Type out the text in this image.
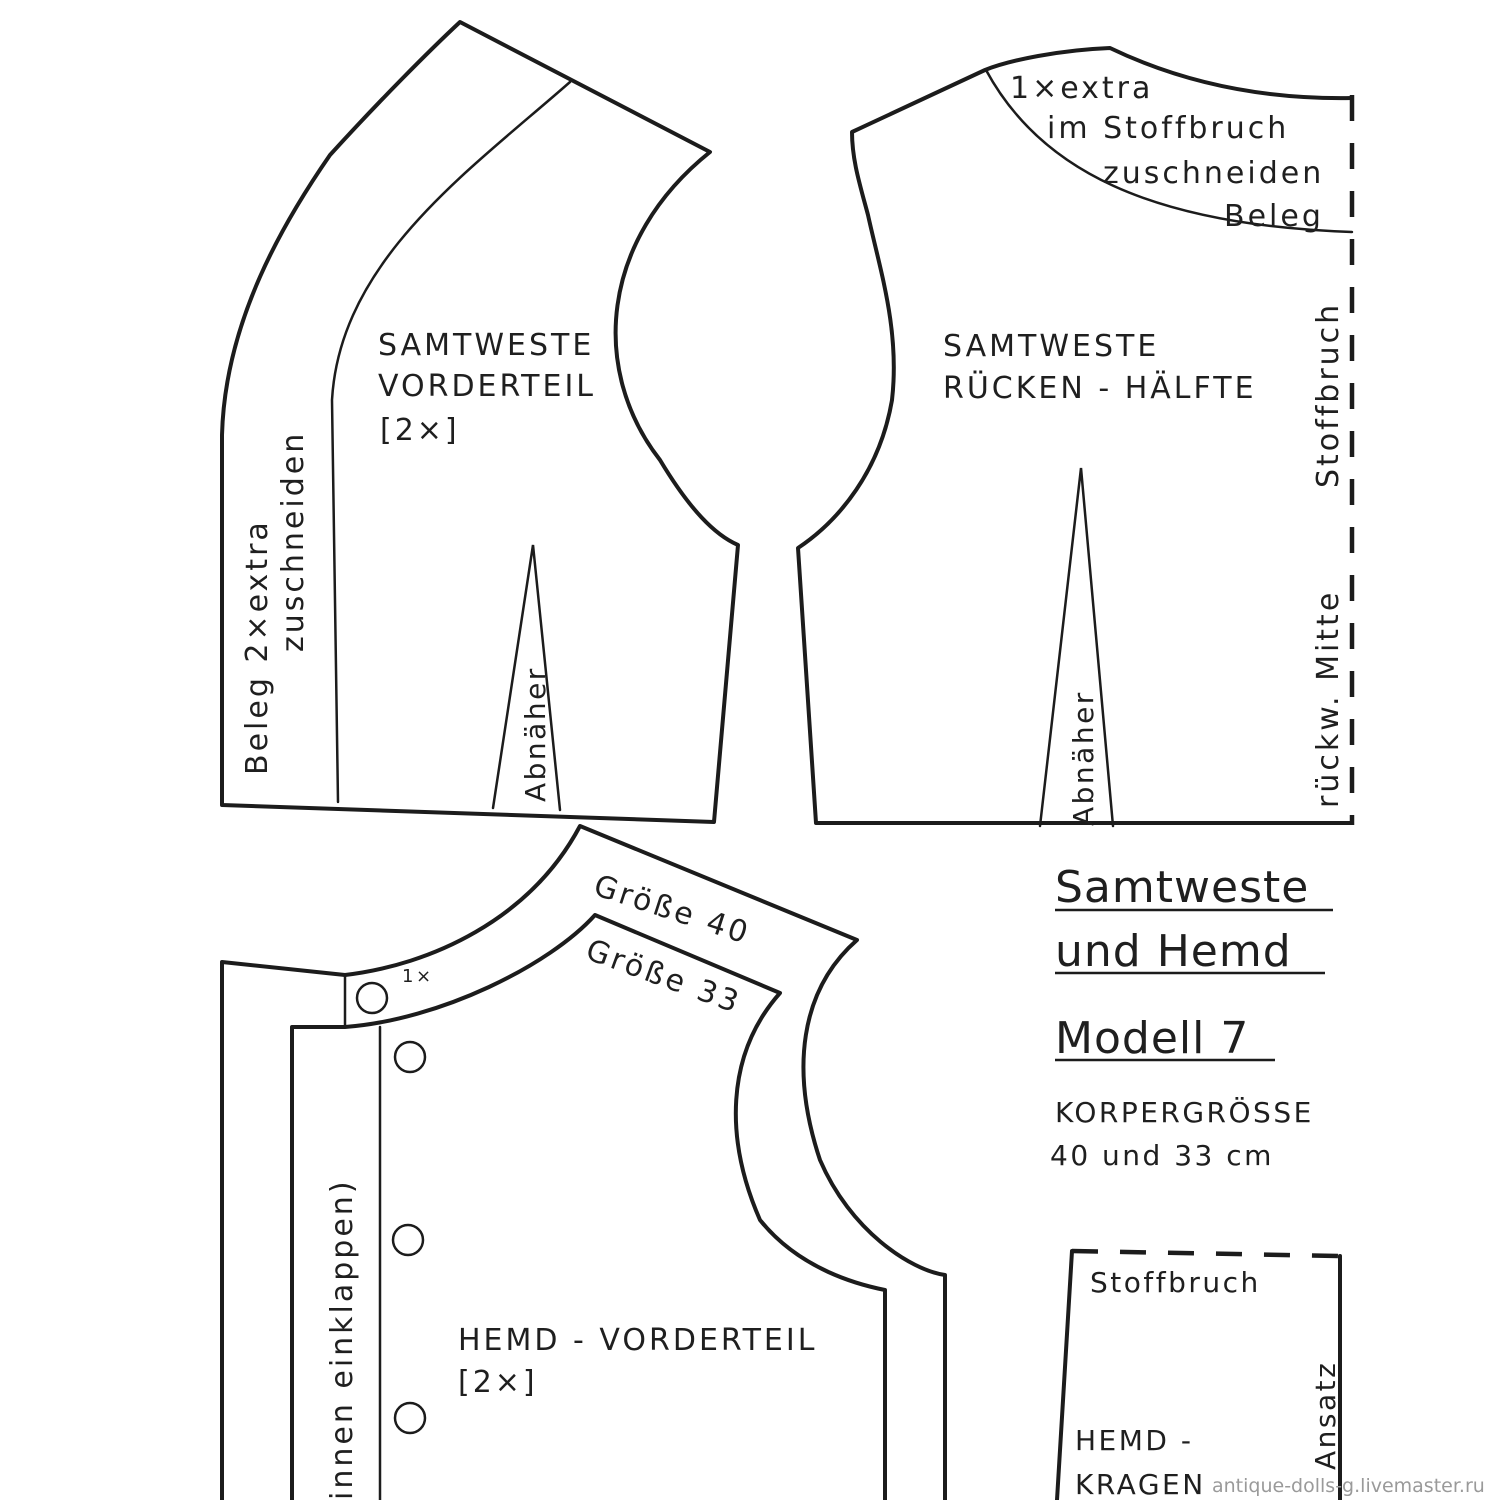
SAMTWESTE
VORDERTEIL
[2×]
Beleg 2×extra zuschneiden
Abnäher
1×extra
im Stoffbruch
zuschneiden
Beleg
SAMTWESTE
RÜCKEN - HÄLFTE Stoffbruch
rückw. Mitte
Abnäher
Samtweste
und Hemd
Modell 7
KORPERGRÖSSE
40 und 33 cm
Größe 40
Größe 33
1×
HEMD - VORDERTEIL
[2×]
innen einklappen)	Stoffbruch
HEMD -
KRAGEN
Ansatz
antique-dolls-g.livemaster.ru
